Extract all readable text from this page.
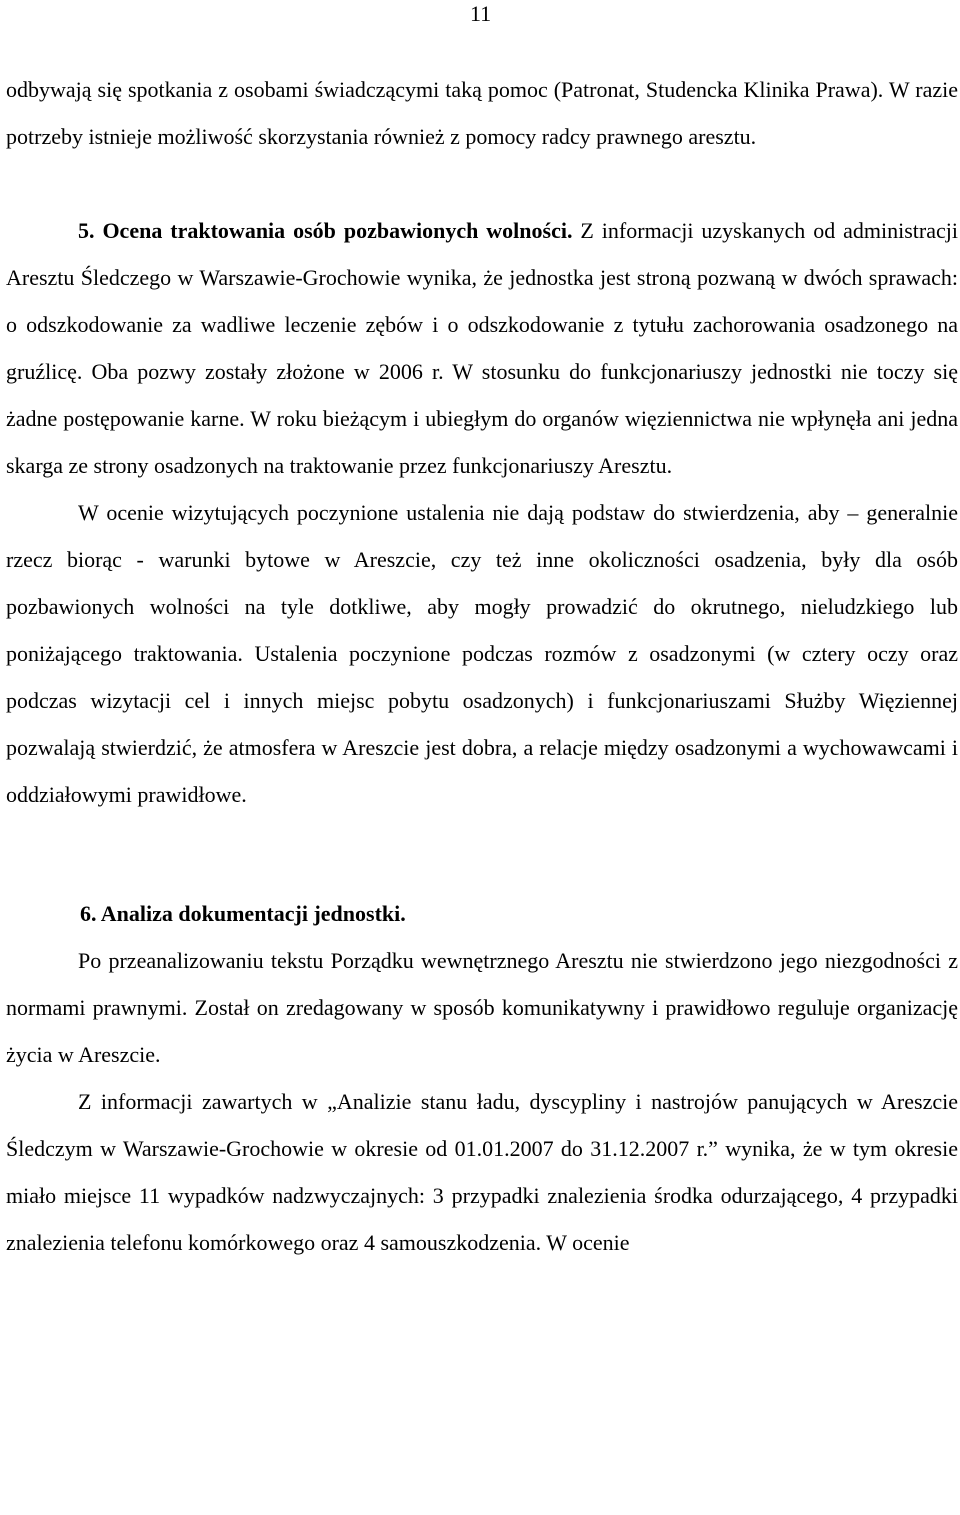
11

odbywają się spotkania z osobami świadczącymi taką pomoc (Patronat, Studencka Klinika Prawa). W razie potrzeby istnieje możliwość skorzystania również z pomocy radcy prawnego aresztu.

5. Ocena traktowania osób pozbawionych wolności. Z informacji uzyskanych od administracji Aresztu Śledczego w Warszawie-Grochowie wynika, że jednostka jest stroną pozwaną w dwóch sprawach: o odszkodowanie za wadliwe leczenie zębów i o odszkodowanie z tytułu zachorowania osadzonego na gruźlicę. Oba pozwy zostały złożone w 2006 r. W stosunku do funkcjonariuszy jednostki nie toczy się żadne postępowanie karne. W roku bieżącym i ubiegłym do organów więziennictwa nie wpłynęła ani jedna skarga ze strony osadzonych na traktowanie przez funkcjonariuszy Aresztu.

W ocenie wizytujących poczynione ustalenia nie dają podstaw do stwierdzenia, aby – generalnie rzecz biorąc - warunki bytowe w Areszcie, czy też inne okoliczności osadzenia, były dla osób pozbawionych wolności na tyle dotkliwe, aby mogły prowadzić do okrutnego, nieludzkiego lub poniżającego traktowania. Ustalenia poczynione podczas rozmów z osadzonymi (w cztery oczy oraz podczas wizytacji cel i innych miejsc pobytu osadzonych) i funkcjonariuszami Służby Więziennej pozwalają stwierdzić, że atmosfera w Areszcie jest dobra, a relacje między osadzonymi a wychowawcami i oddziałowymi prawidłowe.

6. Analiza dokumentacji jednostki.

Po przeanalizowaniu tekstu Porządku wewnętrznego Aresztu nie stwierdzono jego niezgodności z normami prawnymi. Został on zredagowany w sposób komunikatywny i prawidłowo reguluje organizację życia w Areszcie.

Z informacji zawartych w „Analizie stanu ładu, dyscypliny i nastrojów panujących w Areszcie Śledczym w Warszawie-Grochowie w okresie od 01.01.2007 do 31.12.2007 r.” wynika, że w tym okresie miało miejsce 11 wypadków nadzwyczajnych: 3 przypadki znalezienia środka odurzającego, 4 przypadki znalezienia telefonu komórkowego oraz 4 samouszkodzenia. W ocenie
